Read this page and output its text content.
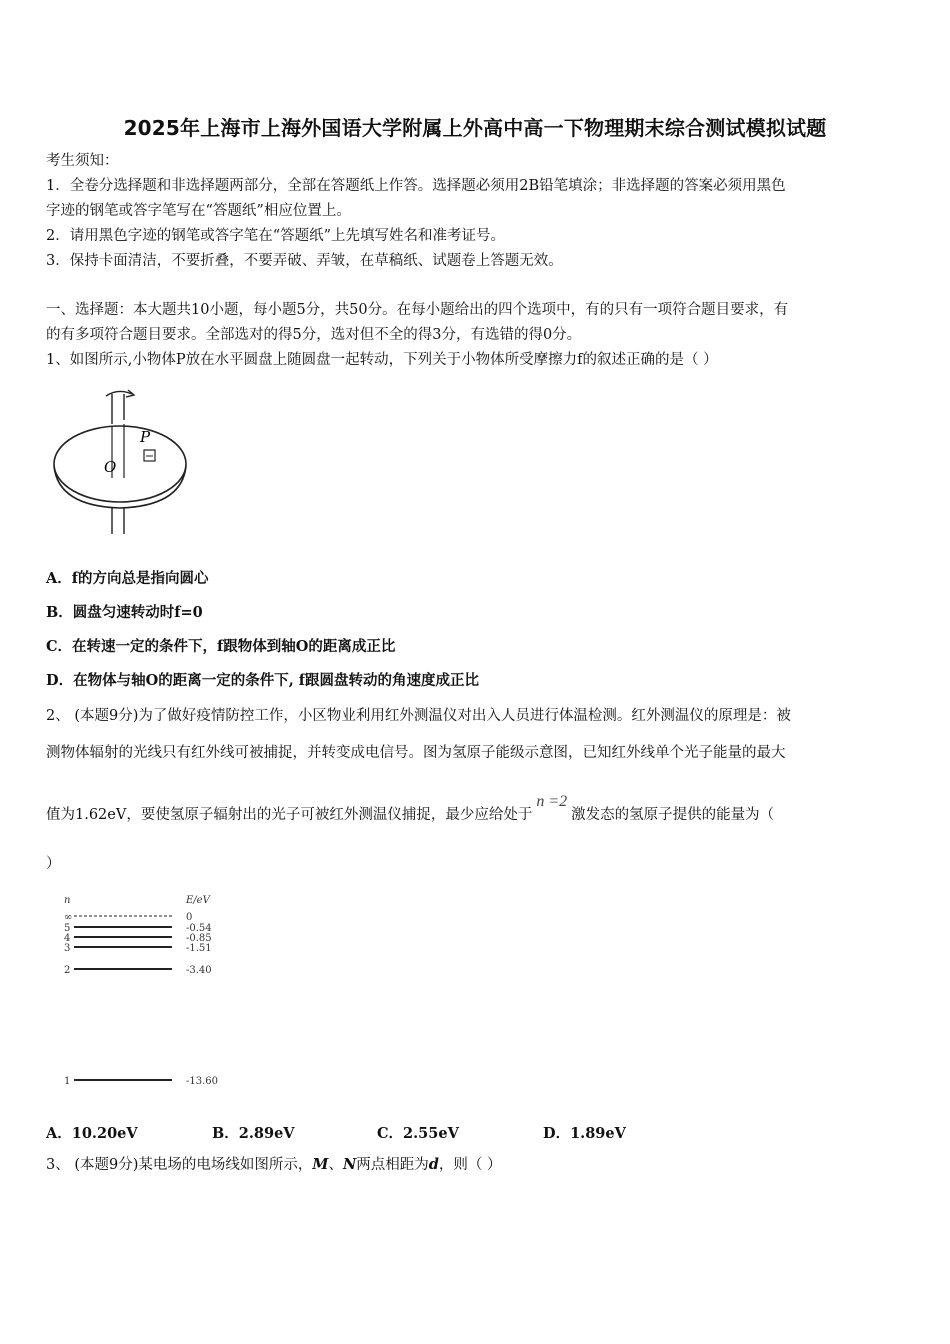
2025年上海市上海外国语大学附属上外高中高一下物理期末综合测试模拟试题
考生须知：
1．全卷分选择题和非选择题两部分，全部在答题纸上作答。选择题必须用2B铅笔填涂；非选择题的答案必须用黑色
字迹的钢笔或答字笔写在“答题纸”相应位置上。
2．请用黑色字迹的钢笔或答字笔在“答题纸”上先填写姓名和准考证号。
3．保持卡面清洁，不要折叠，不要弄破、弄皱，在草稿纸、试题卷上答题无效。
一、选择题：本大题共10小题，每小题5分，共50分。在每小题给出的四个选项中，有的只有一项符合题目要求，有
的有多项符合题目要求。全部选对的得5分，选对但不全的得3分，有选错的得0分。
1、如图所示,小物体P放在水平圆盘上随圆盘一起转动，下列关于小物体所受摩擦力f的叙述正确的是（ ）
P
O
A．f的方向总是指向圆心
B．圆盘匀速转动时f=0
C．在转速一定的条件下，f跟物体到轴O的距离成正比
D．在物体与轴O的距离一定的条件下, f跟圆盘转动的角速度成正比
2、 (本题9分)为了做好疫情防控工作，小区物业利用红外测温仪对出入人员进行体温检测。红外测温仪的原理是：被
测物体辐射的光线只有红外线可被捕捉，并转变成电信号。图为氢原子能级示意图，已知红外线单个光子能量的最大
值为1.62eV，要使氢原子辐射出的光子可被红外测温仪捕捉，最少应给处于n =2激发态的氢原子提供的能量为（
）
n	E/eV
∞	0
5	-0.54
4	-0.85
3	-1.51
2	-3.40
1	-13.60
A．10.20eV	B．2.89eV	C．2.55eV	D．1.89eV
3、 (本题9分)某电场的电场线如图所示，M、N两点相距为d，则（ ）
